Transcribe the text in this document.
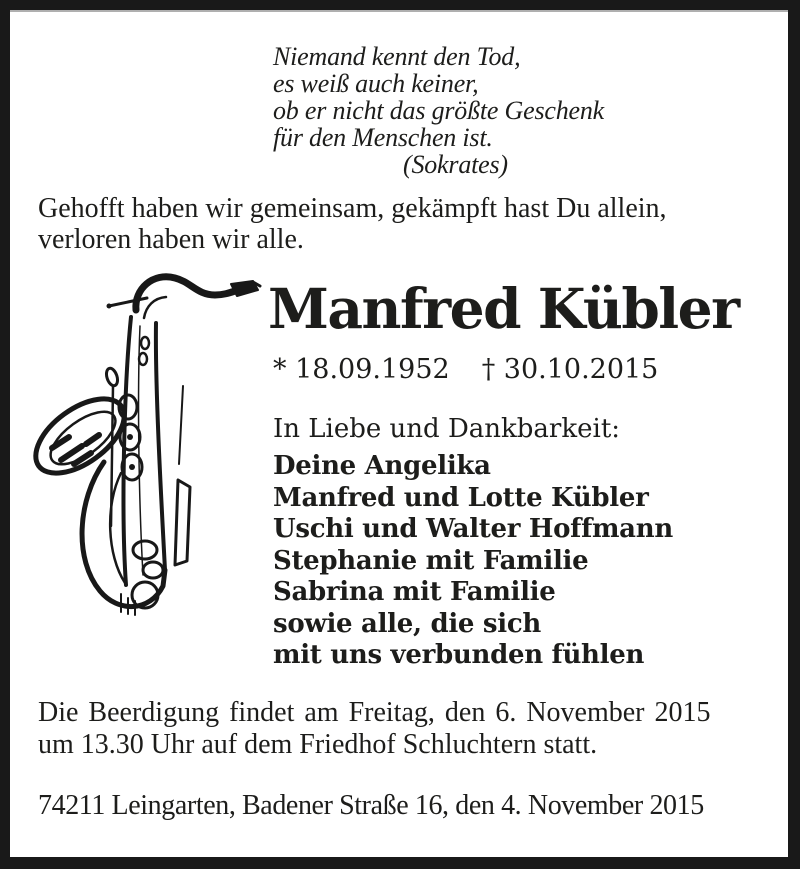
Niemand kennt den Tod,
es weiß auch keiner,
ob er nicht das größte Geschenk
für den Menschen ist.
(Sokrates)
Gehofft haben wir gemeinsam, gekämpft hast Du allein,
verloren haben wir alle.
Manfred Kübler
* 18.09.1952 † 30.10.2015
In Liebe und Dankbarkeit:
Deine Angelika
Manfred und Lotte Kübler
Uschi und Walter Hoffmann
Stephanie mit Familie
Sabrina mit Familie
sowie alle, die sich
mit uns verbunden fühlen
Die Beerdigung findet am Freitag, den 6. November 2015
um 13.30 Uhr auf dem Friedhof Schluchtern statt.
74211 Leingarten, Badener Straße 16, den 4. November 2015
